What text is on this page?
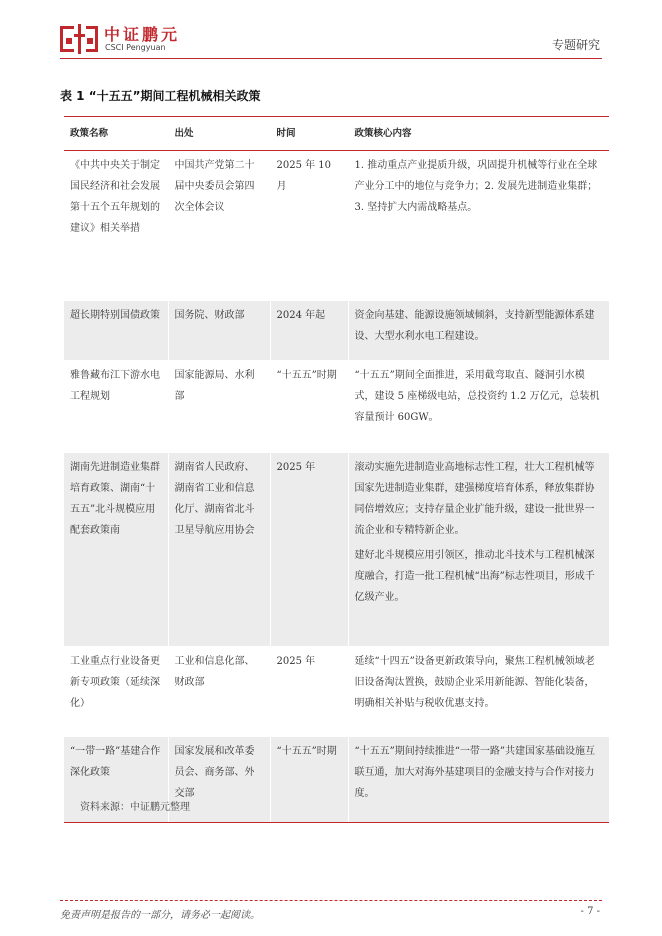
中证鹏元
CSCI Pengyuan	专题研究
表 1 “十五五”期间工程机械相关政策
政策名称	出处	时间	政策核心内容
《中共中央关于制定国民经济和社会发展第十五个五年规划的建议》相关举措	中国共产党第二十届中央委员会第四次全体会议	2025 年 10 月	1. 推动重点产业提质升级，巩固提升机械等行业在全球产业分工中的地位与竞争力；2. 发展先进制造业集群；3. 坚持扩大内需战略基点。

超长期特别国债政策	国务院、财政部	2024 年起	资金向基建、能源设施领域倾斜，支持新型能源体系建设、大型水利水电工程建设。

雅鲁藏布江下游水电工程规划	国家能源局、水利部	“十五五”时期	“十五五”期间全面推进，采用截弯取直、隧洞引水模式，建设 5 座梯级电站，总投资约 1.2 万亿元，总装机容量预计 60GW。

湖南先进制造业集群培育政策、湖南“十五五”北斗规模应用配套政策南	湖南省人民政府、湖南省工业和信息化厅、湖南省北斗卫星导航应用协会	2025 年	滚动实施先进制造业高地标志性工程，壮大工程机械等国家先进制造业集群，建强梯度培育体系，释放集群协同倍增效应；支持存量企业扩能升级，建设一批世界一流企业和专精特新企业。

建好北斗规模应用引领区，推动北斗技术与工程机械深度融合，打造一批工程机械“出海”标志性项目，形成千亿级产业。

工业重点行业设备更新专项政策（延续深化）	工业和信息化部、财政部	2025 年	延续“十四五”设备更新政策导向，聚焦工程机械领域老旧设备淘汰置换，鼓励企业采用新能源、智能化装备，明确相关补贴与税收优惠支持。

“一带一路”基建合作深化政策	国家发展和改革委员会、商务部、外交部	“十五五”时期	“十五五”期间持续推进“一带一路”共建国家基础设施互联互通，加大对海外基建项目的金融支持与合作对接力度。

资料来源：中证鹏元整理
免责声明是报告的一部分，请务必一起阅读。	- 7 -
